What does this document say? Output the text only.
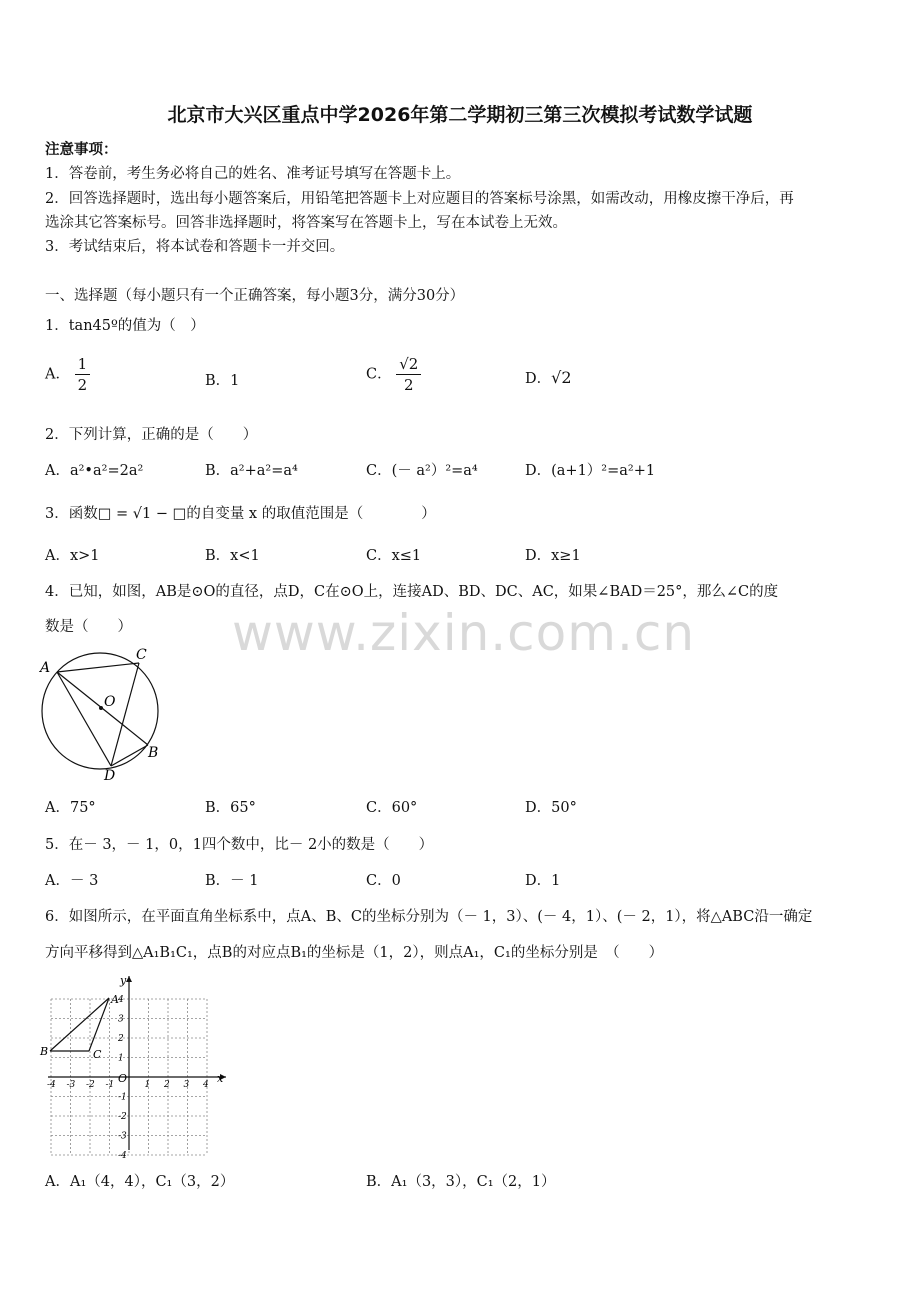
北京市大兴区重点中学2026年第二学期初三第三次模拟考试数学试题
注意事项：
1．答卷前，考生务必将自己的姓名、准考证号填写在答题卡上。
2．回答选择题时，选出每小题答案后，用铅笔把答题卡上对应题目的答案标号涂黑，如需改动，用橡皮擦干净后，再
选涂其它答案标号。回答非选择题时，将答案写在答题卡上，写在本试卷上无效。
3．考试结束后，将本试卷和答题卡一并交回。
一、选择题（每小题只有一个正确答案，每小题3分，满分30分）
1．tan45º的值为（　）
A． $\frac{1}{2}$	B．1	C． $\frac{√2}{2}$	D．√2
2．下列计算，正确的是（　　）
A．a²•a²=2a²	B．a²+a²=a⁴	C．(－ a²）²=a⁴	D．(a+1）²=a²+1
3．函数□ = √1 − □的自变量 x 的取值范围是（　　　　）
A．x>1	B．x<1	C．x≤1	D．x≥1
4．已知，如图，AB是⊙O的直径，点D，C在⊙O上，连接AD、BD、DC、AC，如果∠BAD＝25°，那么∠C的度
数是（　　） www.zixin.com.cn
A
C
B
D
O
A．75°	B．65°	C．60°	D．50°
5．在－ 3，－ 1，0，1四个数中，比－ 2小的数是（　　）
A．－ 3	B．－ 1	C．0	D．1
6．如图所示，在平面直角坐标系中，点A、B、C的坐标分别为（－ 1，3）、(－ 4，1）、(－ 2，1），将△ABC沿一确定
方向平移得到△A₁B₁C₁，点B的对应点B₁的坐标是（1，2），则点A₁，C₁的坐标分别是　（　　）
-4 -3 -2 -1	1 2 3 4
4
3
2
1
-1
-2
-3
-4
x
y
O
A
B	C
A．A₁（4，4），C₁（3，2）	B．A₁（3，3），C₁（2，1）
